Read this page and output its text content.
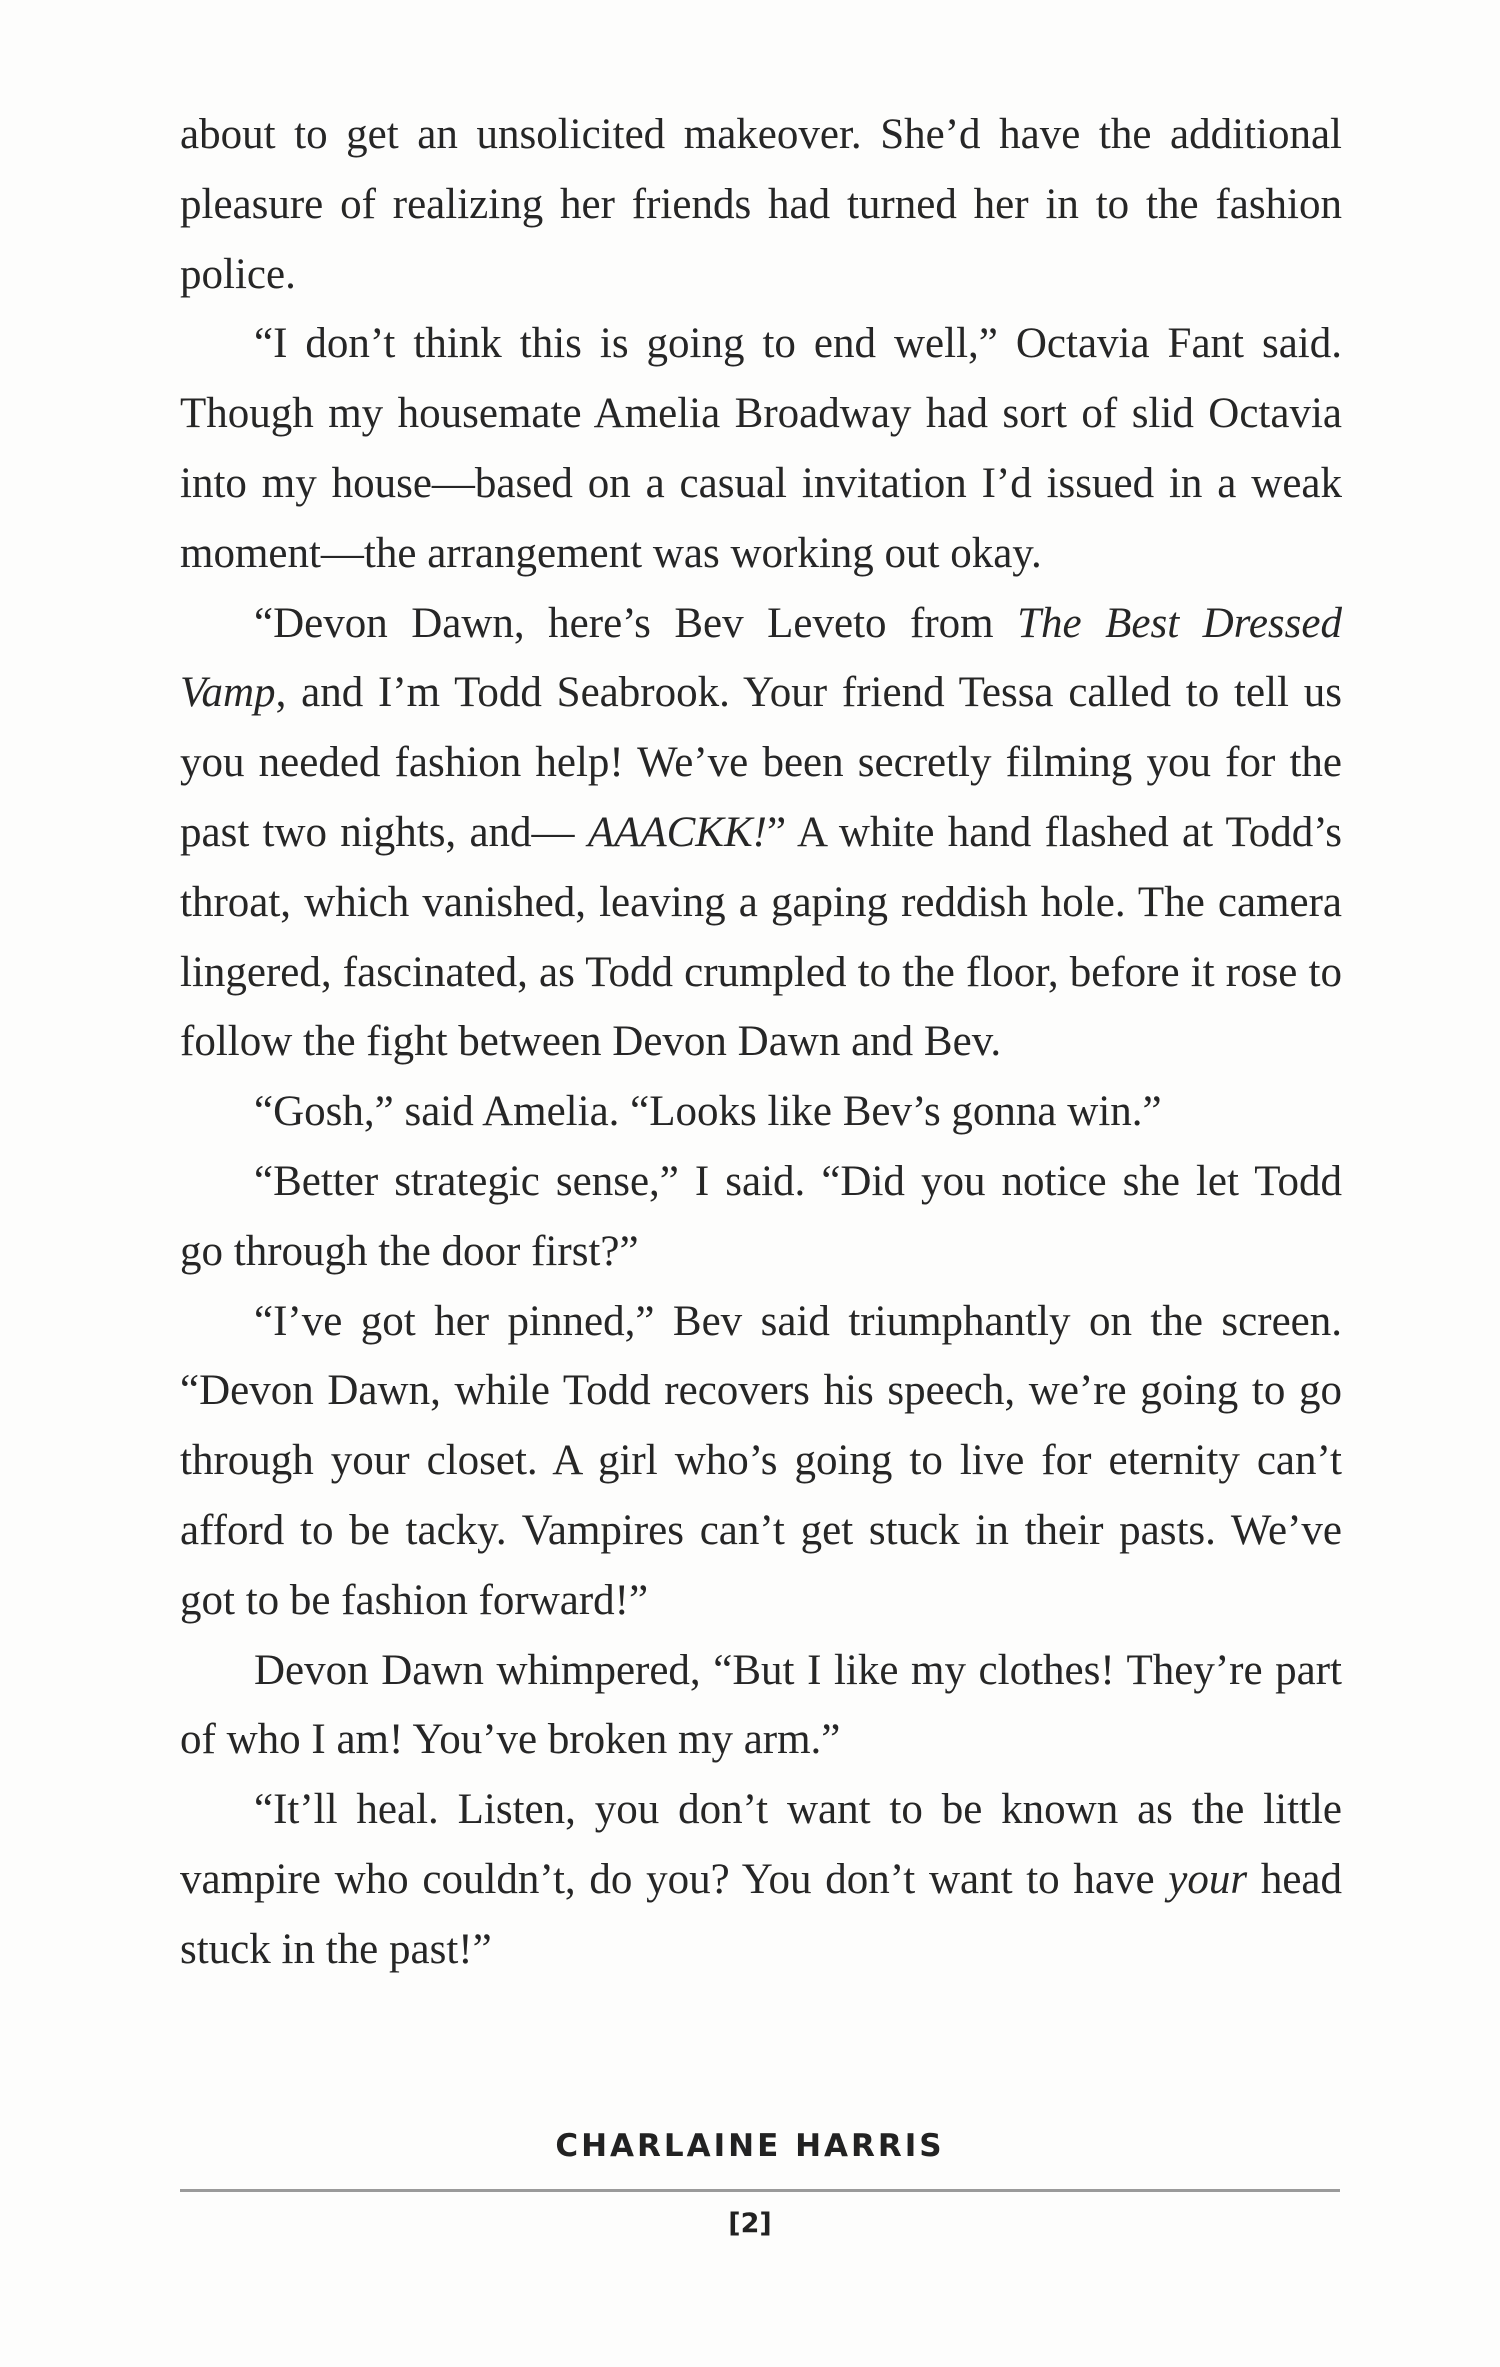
about to get an unsolicited makeover. She’d have the additional pleasure of realizing her friends had turned her in to the fashion police.

“I don’t think this is going to end well,” Octavia Fant said. Though my housemate Amelia Broadway had sort of slid Octavia into my house—based on a casual invitation I’d issued in a weak moment—the arrangement was working out okay.

“Devon Dawn, here’s Bev Leveto from The Best Dressed Vamp, and I’m Todd Seabrook. Your friend Tessa called to tell us you needed fashion help! We’ve been secretly filming you for the past two nights, and— AAACKK!” A white hand flashed at Todd’s throat, which vanished, leaving a gaping reddish hole. The camera lingered, fascinated, as Todd crumpled to the floor, before it rose to follow the fight between Devon Dawn and Bev.

“Gosh,” said Amelia. “Looks like Bev’s gonna win.”

“Better strategic sense,” I said. “Did you notice she let Todd go through the door first?”

“I’ve got her pinned,” Bev said triumphantly on the screen. “Devon Dawn, while Todd recovers his speech, we’re going to go through your closet. A girl who’s going to live for eternity can’t afford to be tacky. Vampires can’t get stuck in their pasts. We’ve got to be fashion forward!”

Devon Dawn whimpered, “But I like my clothes! They’re part of who I am! You’ve broken my arm.”

“It’ll heal. Listen, you don’t want to be known as the little vampire who couldn’t, do you? You don’t want to have your head stuck in the past!”

CHARLAINE HARRIS
[2]
